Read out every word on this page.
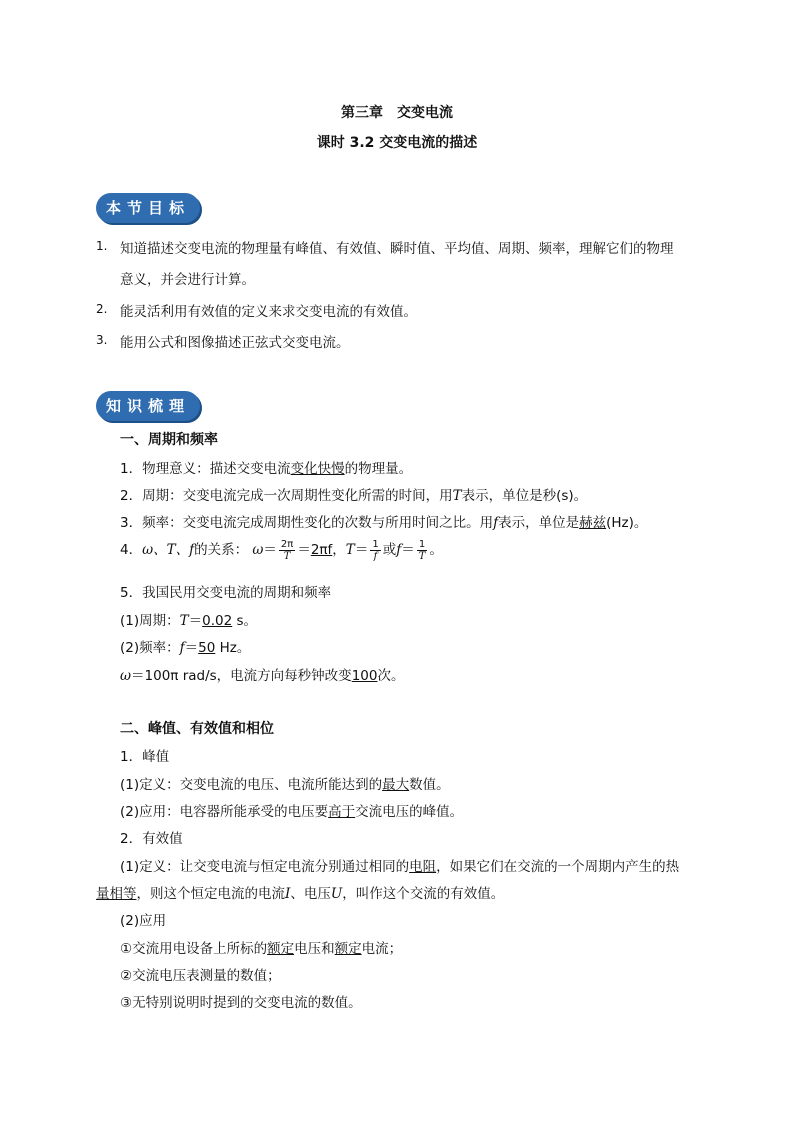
第三章　交变电流
课时 3.2 交变电流的描述
本节目标
1. 知道描述交变电流的物理量有峰值、有效值、瞬时值、平均值、周期、频率，理解它们的物理
意义，并会进行计算。
2. 能灵活利用有效值的定义来求交变电流的有效值。
3. 能用公式和图像描述正弦式交变电流。
知识梳理
一、周期和频率
1．物理意义：描述交变电流变化快慢的物理量。
2．周期：交变电流完成一次周期性变化所需的时间，用T表示，单位是秒(s)。
3．频率：交变电流完成周期性变化的次数与所用时间之比。用f表示，单位是赫兹(Hz)。
4．ω、T、f的关系： $\omega= \frac{2\pi}{T} =2\pi f$，$T= \frac{1}{f}$ 或$f= \frac{1}{T}$ 。
5．我国民用交变电流的周期和频率
(1)周期：T＝0.02 s。
(2)频率：f＝50 Hz。
ω＝100π rad/s，电流方向每秒钟改变100次。
二、峰值、有效值和相位
1．峰值
(1)定义：交变电流的电压、电流所能达到的最大数值。
(2)应用：电容器所能承受的电压要高于交流电压的峰值。
2．有效值
(1)定义：让交变电流与恒定电流分别通过相同的电阻，如果它们在交流的一个周期内产生的热
量相等，则这个恒定电流的电流I、电压U，叫作这个交流的有效值。
(2)应用
①交流用电设备上所标的额定电压和额定电流；
②交流电压表测量的数值；
③无特别说明时提到的交变电流的数值。
